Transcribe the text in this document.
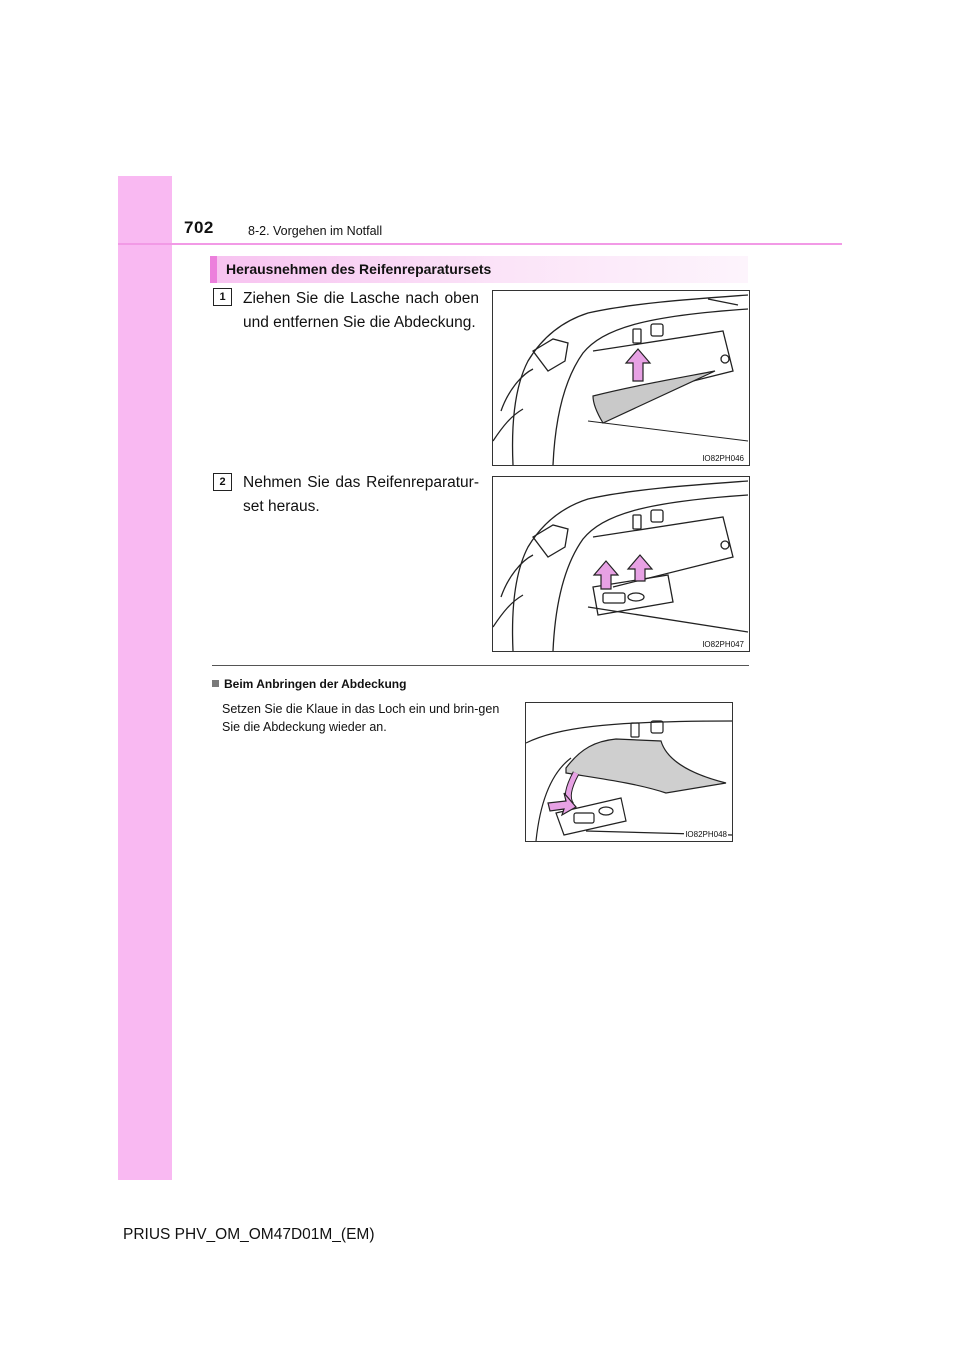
702	8-2. Vorgehen im Notfall
Herausnehmen des Reifenreparatursets
1	Ziehen Sie die Lasche nach oben und entfernen Sie die Abdeckung.
IO82PH046
2	Nehmen Sie das Reifenreparatur-set heraus.
IO82PH047
Beim Anbringen der Abdeckung
Setzen Sie die Klaue in das Loch ein und brin-gen Sie die Abdeckung wieder an.
IO82PH048
PRIUS PHV_OM_OM47D01M_(EM)
